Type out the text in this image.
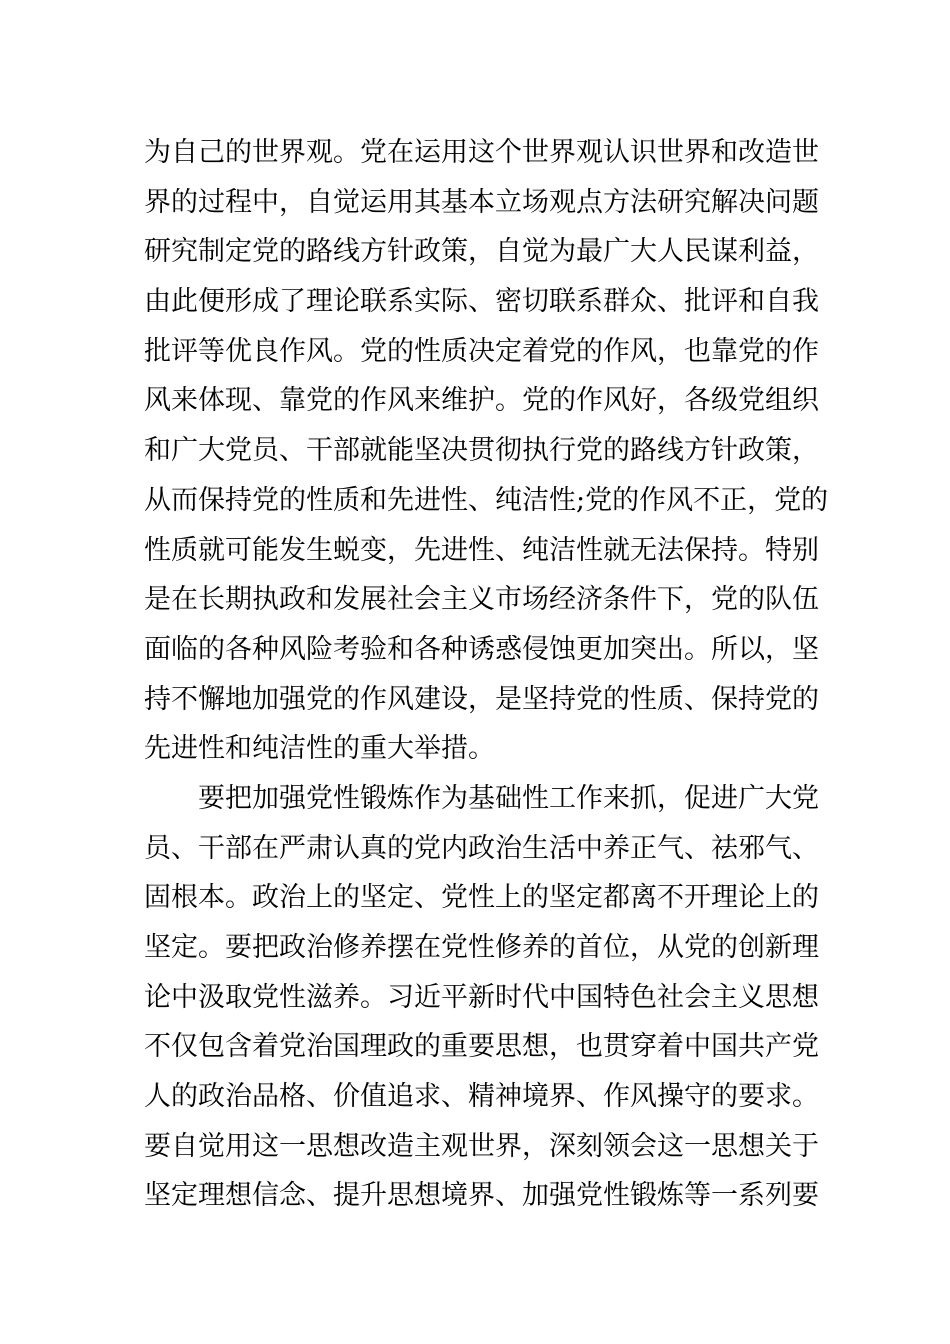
为自己的世界观。党在运用这个世界观认识世界和改造世
界的过程中，自觉运用其基本立场观点方法研究解决问题
研究制定党的路线方针政策，自觉为最广大人民谋利益，
由此便形成了理论联系实际、密切联系群众、批评和自我
批评等优良作风。党的性质决定着党的作风，也靠党的作
风来体现、靠党的作风来维护。党的作风好，各级党组织
和广大党员、干部就能坚决贯彻执行党的路线方针政策，
从而保持党的性质和先进性、纯洁性;党的作风不正，党的
性质就可能发生蜕变，先进性、纯洁性就无法保持。特别
是在长期执政和发展社会主义市场经济条件下，党的队伍
面临的各种风险考验和各种诱惑侵蚀更加突出。所以，坚
持不懈地加强党的作风建设，是坚持党的性质、保持党的
先进性和纯洁性的重大举措。
要把加强党性锻炼作为基础性工作来抓，促进广大党
员、干部在严肃认真的党内政治生活中养正气、祛邪气、
固根本。政治上的坚定、党性上的坚定都离不开理论上的
坚定。要把政治修养摆在党性修养的首位，从党的创新理
论中汲取党性滋养。习近平新时代中国特色社会主义思想
不仅包含着党治国理政的重要思想，也贯穿着中国共产党
人的政治品格、价值追求、精神境界、作风操守的要求。
要自觉用这一思想改造主观世界，深刻领会这一思想关于
坚定理想信念、提升思想境界、加强党性锻炼等一系列要
